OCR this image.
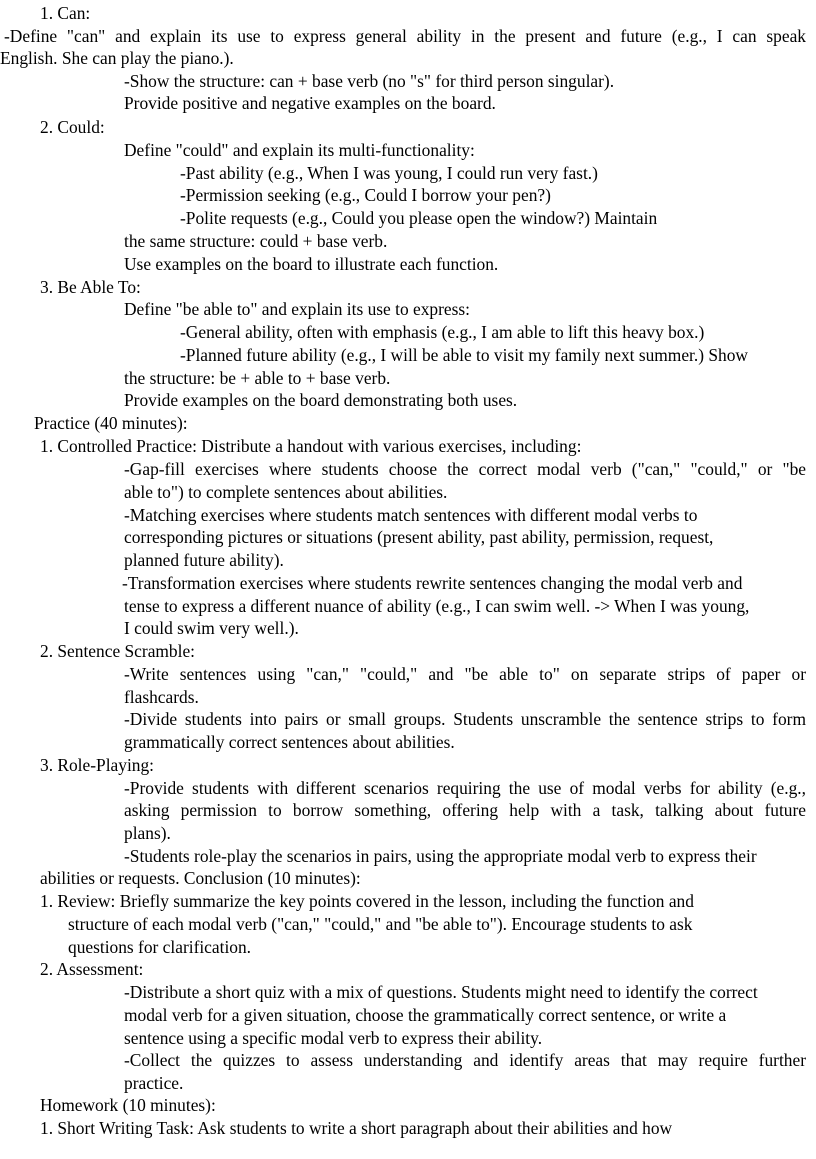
1. Can:

-Define "can" and explain its use to express general ability in the present and future (e.g., I can speak

English. She can play the piano.).

-Show the structure: can + base verb (no "s" for third person singular).

Provide positive and negative examples on the board.

2. Could:

Define "could" and explain its multi-functionality:

-Past ability (e.g., When I was young, I could run very fast.)

-Permission seeking (e.g., Could I borrow your pen?)

-Polite requests (e.g., Could you please open the window?) Maintain

the same structure: could + base verb.

Use examples on the board to illustrate each function.

3. Be Able To:

Define "be able to" and explain its use to express:

-General ability, often with emphasis (e.g., I am able to lift this heavy box.)

-Planned future ability (e.g., I will be able to visit my family next summer.) Show

the structure: be + able to + base verb.

Provide examples on the board demonstrating both uses.

Practice (40 minutes):

1. Controlled Practice: Distribute a handout with various exercises, including:

-Gap-fill exercises where students choose the correct modal verb ("can," "could," or "be

able to") to complete sentences about abilities.

-Matching exercises where students match sentences with different modal verbs to

corresponding pictures or situations (present ability, past ability, permission, request,

planned future ability).

-Transformation exercises where students rewrite sentences changing the modal verb and

tense to express a different nuance of ability (e.g., I can swim well. -> When I was young,

I could swim very well.).

2. Sentence Scramble:

-Write sentences using "can," "could," and "be able to" on separate strips of paper or

flashcards.

-Divide students into pairs or small groups. Students unscramble the sentence strips to form

grammatically correct sentences about abilities.

3. Role-Playing:

-Provide students with different scenarios requiring the use of modal verbs for ability (e.g.,

asking permission to borrow something, offering help with a task, talking about future

plans).

-Students role-play the scenarios in pairs, using the appropriate modal verb to express their

abilities or requests. Conclusion (10 minutes):

1. Review: Briefly summarize the key points covered in the lesson, including the function and

structure of each modal verb ("can," "could," and "be able to"). Encourage students to ask

questions for clarification.

2. Assessment:

-Distribute a short quiz with a mix of questions. Students might need to identify the correct

modal verb for a given situation, choose the grammatically correct sentence, or write a

sentence using a specific modal verb to express their ability.

-Collect the quizzes to assess understanding and identify areas that may require further

practice.

Homework (10 minutes):

1. Short Writing Task: Ask students to write a short paragraph about their abilities and how
